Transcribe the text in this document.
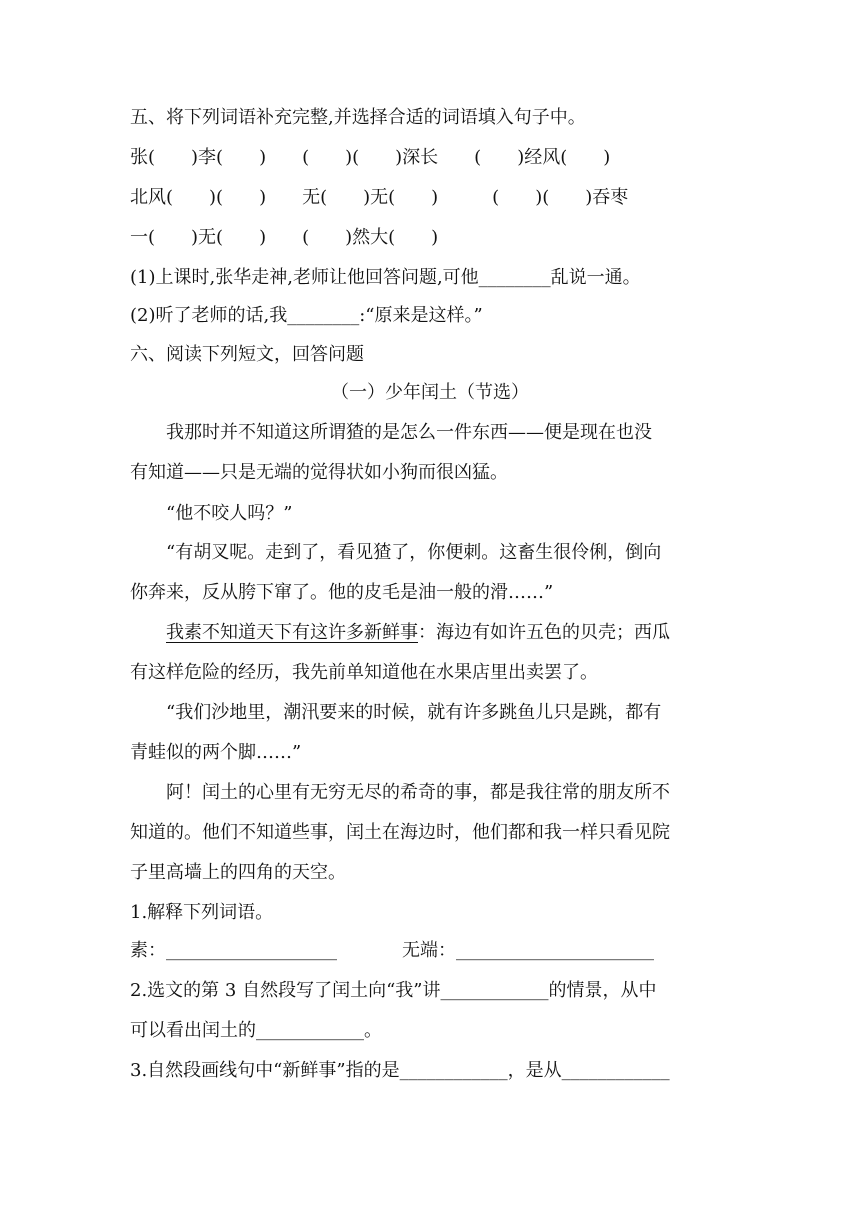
五、将下列词语补充完整,并选择合适的词语填入句子中。
张(　　)李(　　)　　(　　)(　　)深长　　(　　)经风(　　)
北风(　　)(　　)　　无(　　)无(　　)　　　(　　)(　　)吞枣
一(　　)无(　　)　　(　　)然大(　　)
(1)上课时,张华走神,老师让他回答问题,可他________乱说一通。
(2)听了老师的话,我________:“原来是这样。”
六、阅读下列短文，回答问题
（一）少年闰土（节选）
　　我那时并不知道这所谓猹的是怎么一件东西——便是现在也没
有知道——只是无端的觉得状如小狗而很凶猛。
　　“他不咬人吗？”
　　“有胡叉呢。走到了，看见猹了，你便刺。这畜生很伶俐，倒向
你奔来，反从胯下窜了。他的皮毛是油一般的滑……”
　　我素不知道天下有这许多新鲜事：海边有如许五色的贝壳；西瓜
有这样危险的经历，我先前单知道他在水果店里出卖罢了。
　　“我们沙地里，潮汛要来的时候，就有许多跳鱼儿只是跳，都有
青蛙似的两个脚……”
　　阿！闰土的心里有无穷无尽的希奇的事，都是我往常的朋友所不
知道的。他们不知道些事，闰土在海边时，他们都和我一样只看见院
子里高墙上的四角的天空。
1.解释下列词语。
素：___________________	无端：______________________
2.选文的第 3 自然段写了闰土向“我”讲____________的情景，从中
可以看出闰土的____________。
3.自然段画线句中“新鲜事”指的是____________，是从____________
